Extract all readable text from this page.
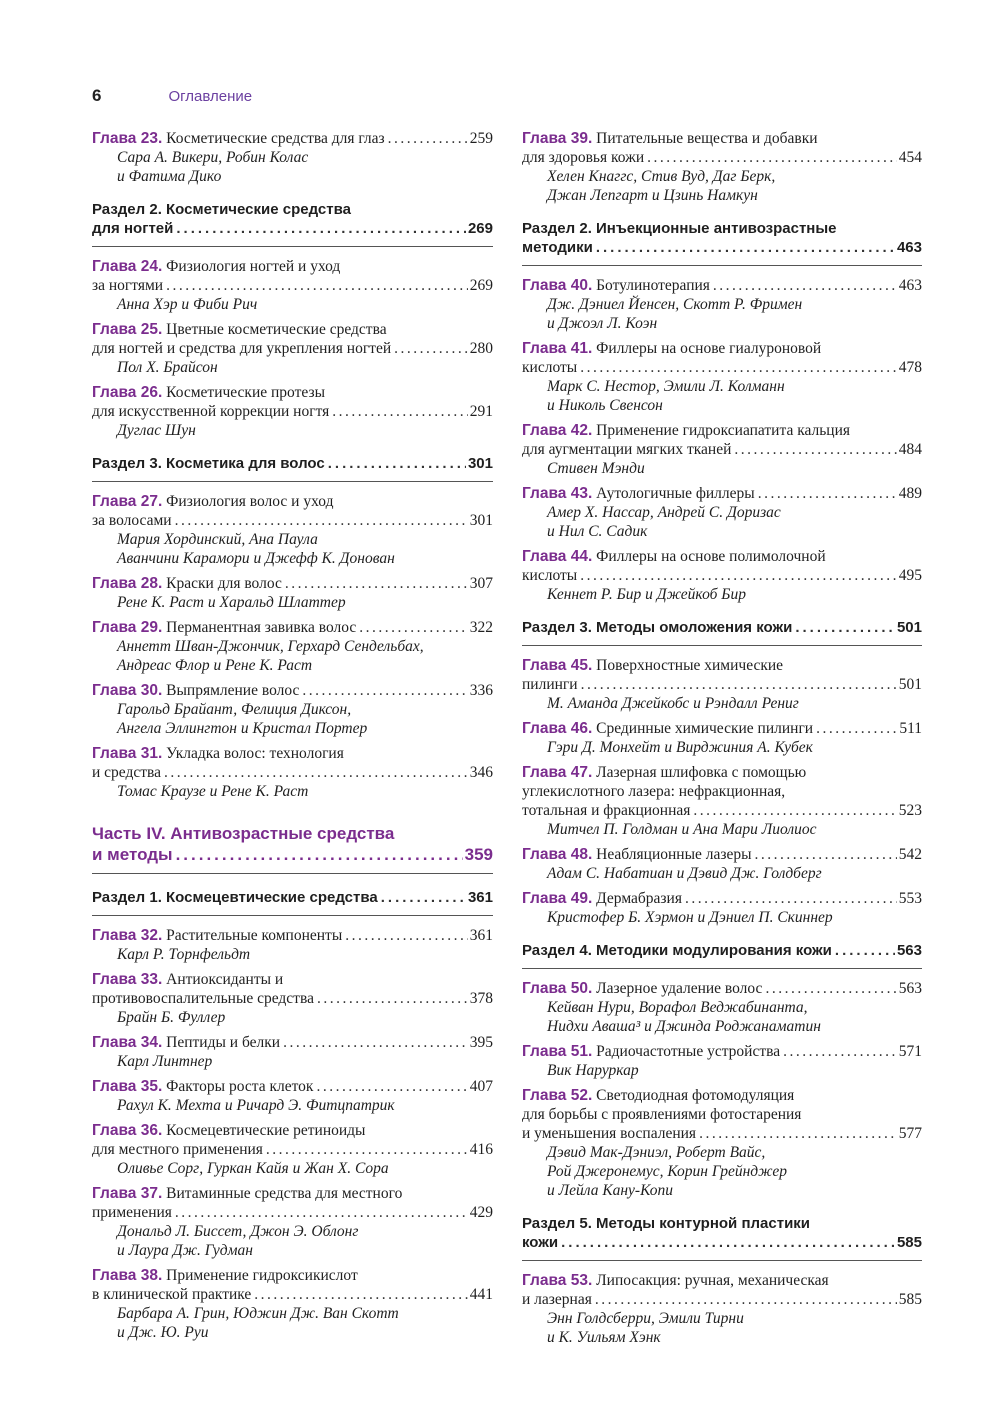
6	Оглавление
Глава 23. Косметические средства для глаз .....	259
Сара А. Викери, Робин Колас
и Фатима Дико
Раздел 2. Косметические средства
для ногтей .....	269
Глава 24. Физиология ногтей и уход
за ногтями .....	269
Анна Хэр и Фиби Рич
Глава 25. Цветные косметические средства
для ногтей и средства для укрепления ногтей .....	280
Пол Х. Брайсон
Глава 26. Косметические протезы
для искусственной коррекции ногтя .....	291
Дуглас Шун
Раздел 3. Косметика для волос .....	301
Глава 27. Физиология волос и уход
за волосами .....	301
Мария Хординский, Ана Паула
Аванчини Карамори и Джефф К. Донован
Глава 28. Краски для волос .....	307
Рене К. Раст и Харальд Шлаттер
Глава 29. Перманентная завивка волос .....	322
Аннетт Шван-Джончик, Герхард Сендельбах,
Андреас Флор и Рене К. Раст
Глава 30. Выпрямление волос .....	336
Гарольд Брайант, Фелиция Диксон,
Ангела Эллингтон и Кристал Портер
Глава 31. Укладка волос: технология
и средства .....	346
Томас Краузе и Рене К. Раст
Часть IV. Антивозрастные средства
и методы .....	359
Раздел 1. Космецевтические средства .....	361
Глава 32. Растительные компоненты .....	361
Карл Р. Торнфельдт
Глава 33. Антиоксиданты и
противовоспалительные средства .....	378
Брайн Б. Фуллер
Глава 34. Пептиды и белки .....	395
Карл Линтнер
Глава 35. Факторы роста клеток .....	407
Рахул К. Мехта и Ричард Э. Фитцпатрик
Глава 36. Космецевтические ретиноиды
для местного применения .....	416
Оливье Сорг, Гуркан Кайя и Жан Х. Сора
Глава 37. Витаминные средства для местного
применения .....	429
Дональд Л. Биссет, Джон Э. Облонг
и Лаура Дж. Гудман
Глава 38. Применение гидроксикислот
в клинической практике .....	441
Барбара А. Грин, Юджин Дж. Ван Скотт
и Дж. Ю. Руи
Глава 39. Питательные вещества и добавки
для здоровья кожи .....	454
Хелен Кнаггс, Стив Вуд, Даг Берк,
Джан Лепгарт и Цзинь Намкун
Раздел 2. Инъекционные антивозрастные
методики .....	463
Глава 40. Ботулинотерапия .....	463
Дж. Дэниел Йенсен, Скотт Р. Фримен
и Джоэл Л. Коэн
Глава 41. Филлеры на основе гиалуроновой
кислоты .....	478
Марк С. Нестор, Эмили Л. Колманн
и Николь Свенсон
Глава 42. Применение гидроксиапатита кальция
для аугментации мягких тканей .....	484
Стивен Мэнди
Глава 43. Аутологичные филлеры .....	489
Амер Х. Нассар, Андрей С. Доризас
и Нил С. Садик
Глава 44. Филлеры на основе полимолочной
кислоты .....	495
Кеннет Р. Бир и Джейкоб Бир
Раздел 3. Методы омоложения кожи .....	501
Глава 45. Поверхностные химические
пилинги .....	501
М. Аманда Джейкобс и Рэндалл Рениг
Глава 46. Срединные химические пилинги .....	511
Гэри Д. Монхейт и Вирджиния А. Кубек
Глава 47. Лазерная шлифовка с помощью
углекислотного лазера: нефракционная,
тотальная и фракционная .....	523
Митчел П. Голдман и Ана Мари Лиолиос
Глава 48. Неабляционные лазеры .....	542
Адам С. Набатиан и Дэвид Дж. Голдберг
Глава 49. Дермабразия .....	553
Кристофер Б. Хэрмон и Дэниел П. Скиннер
Раздел 4. Методики модулирования кожи .....	563
Глава 50. Лазерное удаление волос .....	563
Кейван Нури, Ворафол Веджабинанта,
Нидхи Аваша³ и Джинда Роджанаматин
Глава 51. Радиочастотные устройства .....	571
Вик Наруркар
Глава 52. Светодиодная фотомодуляция
для борьбы с проявлениями фотостарения
и уменьшения воспаления .....	577
Дэвид Мак-Дэниэл, Роберт Вайс,
Рой Джеронемус, Корин Грейнджер
и Лейла Кану-Копи
Раздел 5. Методы контурной пластики
кожи .....	585
Глава 53. Липосакция: ручная, механическая
и лазерная .....	585
Энн Голдсберри, Эмили Тирни
и К. Уильям Хэнк
